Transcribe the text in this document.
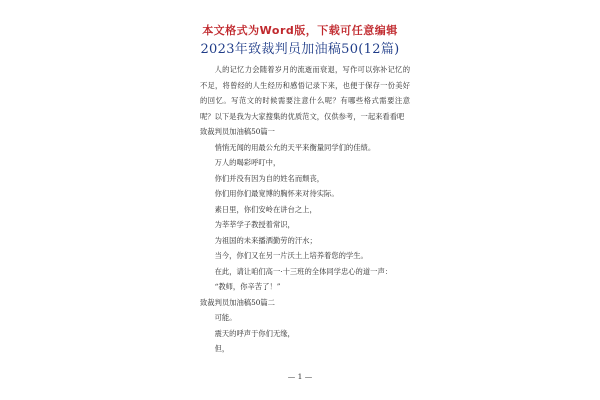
本文格式为Word版，下载可任意编辑
2023年致裁判员加油稿50(12篇)

人的记忆力会随着岁月的流逝而衰退，写作可以弥补记忆的不足，将曾经的人生经历和感悟记录下来，也便于保存一份美好的回忆。写范文的时候需要注意什么呢？有哪些格式需要注意呢？以下是我为大家搜集的优质范文，仅供参考，一起来看看吧

致裁判员加油稿50篇一

悄悄无闻的用最公允的天平来衡量同学们的佳绩。

万人的喝彩呼叮中，

你们并没有因为自的姓名而颓丧，

你们用你们最宽博的胸怀来对待实际。

素日里，你们安岭在讲台之上，

为莘莘学子教授着常识，

为祖国的未来播洒勤劳的汗水；

当今，你们又在另一片沃土上培养着您的学生。

在此，请让咱们高一·十三班的全体同学忠心的道一声：

“教师，你辛苦了！”

致裁判员加油稿50篇二

可能。

震天的呼声于你们无缘，

但，

— 1 —
